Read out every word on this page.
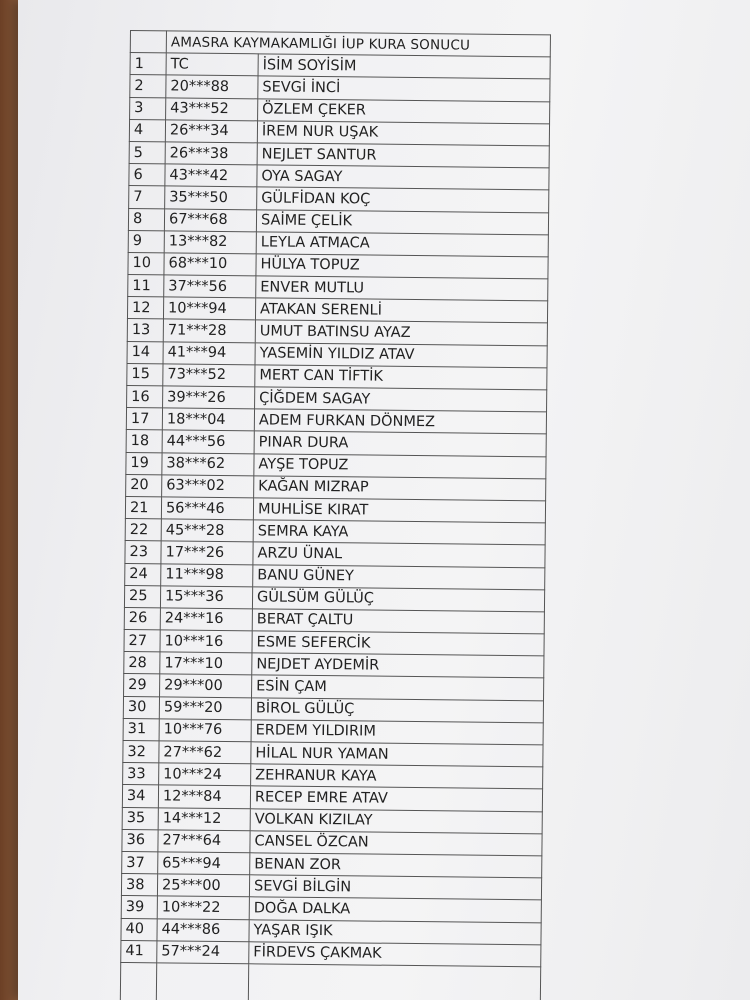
	AMASRA KAYMAKAMLIĞI İUP KURA SONUCU	
1	TC	İSİM SOYİSİM
2	20***88	SEVGİ İNCİ
3	43***52	ÖZLEM ÇEKER
4	26***34	İREM NUR UŞAK
5	26***38	NEJLET SANTUR
6	43***42	OYA SAGAY
7	35***50	GÜLFİDAN KOÇ
8	67***68	SAİME ÇELİK
9	13***82	LEYLA ATMACA
10	68***10	HÜLYA TOPUZ
11	37***56	ENVER MUTLU
12	10***94	ATAKAN SERENLİ
13	71***28	UMUT BATINSU AYAZ
14	41***94	YASEMİN YILDIZ ATAV
15	73***52	MERT CAN TİFTİK
16	39***26	ÇİĞDEM SAGAY
17	18***04	ADEM FURKAN DÖNMEZ
18	44***56	PINAR DURA
19	38***62	AYŞE TOPUZ
20	63***02	KAĞAN MIZRAP
21	56***46	MUHLİSE KIRAT
22	45***28	SEMRA KAYA
23	17***26	ARZU ÜNAL
24	11***98	BANU GÜNEY
25	15***36	GÜLSÜM GÜLÜÇ
26	24***16	BERAT ÇALTU
27	10***16	ESME SEFERCİK
28	17***10	NEJDET AYDEMİR
29	29***00	ESİN ÇAM
30	59***20	BİROL GÜLÜÇ
31	10***76	ERDEM YILDIRIM
32	27***62	HİLAL NUR YAMAN
33	10***24	ZEHRANUR KAYA
34	12***84	RECEP EMRE ATAV
35	14***12	VOLKAN KIZILAY
36	27***64	CANSEL ÖZCAN
37	65***94	BENAN ZOR
38	25***00	SEVGİ BİLGİN
39	10***22	DOĞA DALKA
40	44***86	YAŞAR IŞIK
41	57***24	FİRDEVS ÇAKMAK
